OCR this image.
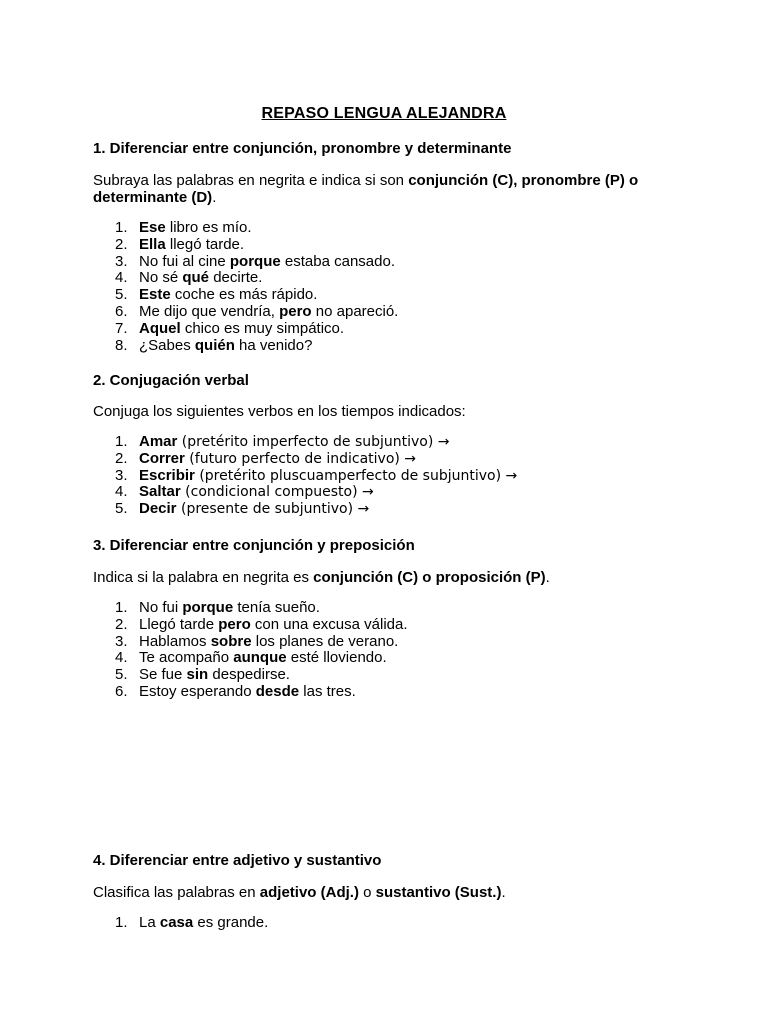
REPASO LENGUA ALEJANDRA
1. Diferenciar entre conjunción, pronombre y determinante
Subraya las palabras en negrita e indica si son conjunción (C), pronombre (P) o determinante (D).
1. Ese libro es mío.
2. Ella llegó tarde.
3. No fui al cine porque estaba cansado.
4. No sé qué decirte.
5. Este coche es más rápido.
6. Me dijo que vendría, pero no apareció.
7. Aquel chico es muy simpático.
8. ¿Sabes quién ha venido?
2. Conjugación verbal
Conjuga los siguientes verbos en los tiempos indicados:
1. Amar (pretérito imperfecto de subjuntivo) →
2. Correr (futuro perfecto de indicativo) →
3. Escribir (pretérito pluscuamperfecto de subjuntivo) →
4. Saltar (condicional compuesto) →
5. Decir (presente de subjuntivo) →
3. Diferenciar entre conjunción y preposición
Indica si la palabra en negrita es conjunción (C) o proposición (P).
1. No fui porque tenía sueño.
2. Llegó tarde pero con una excusa válida.
3. Hablamos sobre los planes de verano.
4. Te acompaño aunque esté lloviendo.
5. Se fue sin despedirse.
6. Estoy esperando desde las tres.
4. Diferenciar entre adjetivo y sustantivo
Clasifica las palabras en adjetivo (Adj.) o sustantivo (Sust.).
1. La casa es grande.
